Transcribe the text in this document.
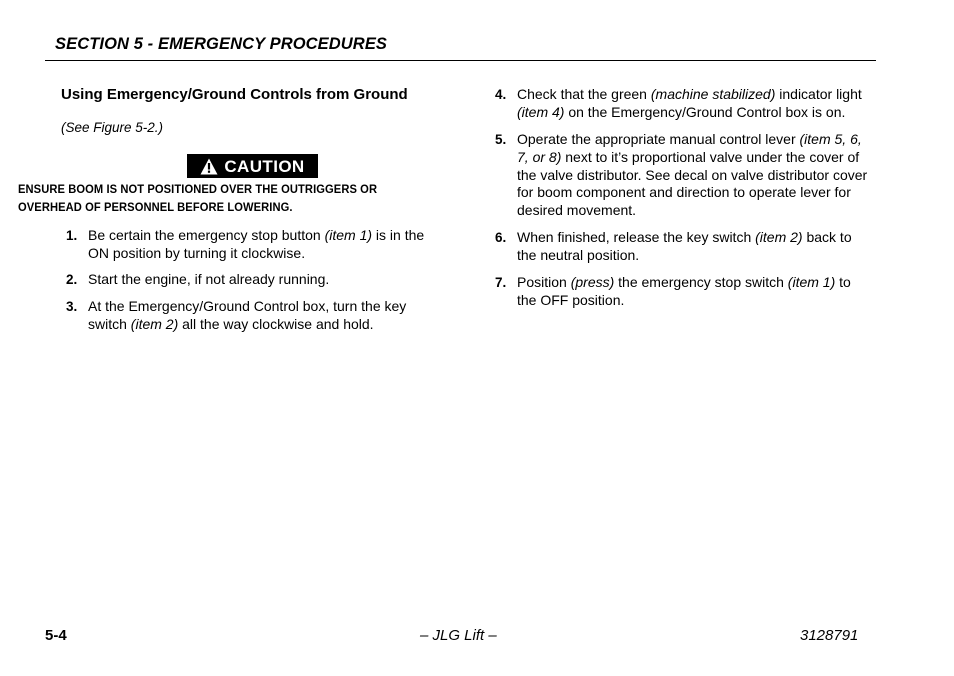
SECTION 5 - EMERGENCY PROCEDURES
Using Emergency/Ground Controls from Ground
(See Figure 5-2.)
CAUTION
ENSURE BOOM IS NOT POSITIONED OVER THE OUTRIGGERS OR
OVERHEAD OF PERSONNEL BEFORE LOWERING.
1. Be certain the emergency stop button (item 1) is in the
ON position by turning it clockwise.
2. Start the engine, if not already running.
3. At the Emergency/Ground Control box, turn the key
switch (item 2) all the way clockwise and hold.
4. Check that the green (machine stabilized) indicator light
(item 4) on the Emergency/Ground Control box is on.
5. Operate the appropriate manual control lever (item 5, 6,
7, or 8) next to it’s proportional valve under the cover of
the valve distributor. See decal on valve distributor cover
for boom component and direction to operate lever for
desired movement.
6. When finished, release the key switch (item 2) back to
the neutral position.
7. Position (press) the emergency stop switch (item 1) to
the OFF position.
5-4	– JLG Lift –	3128791
